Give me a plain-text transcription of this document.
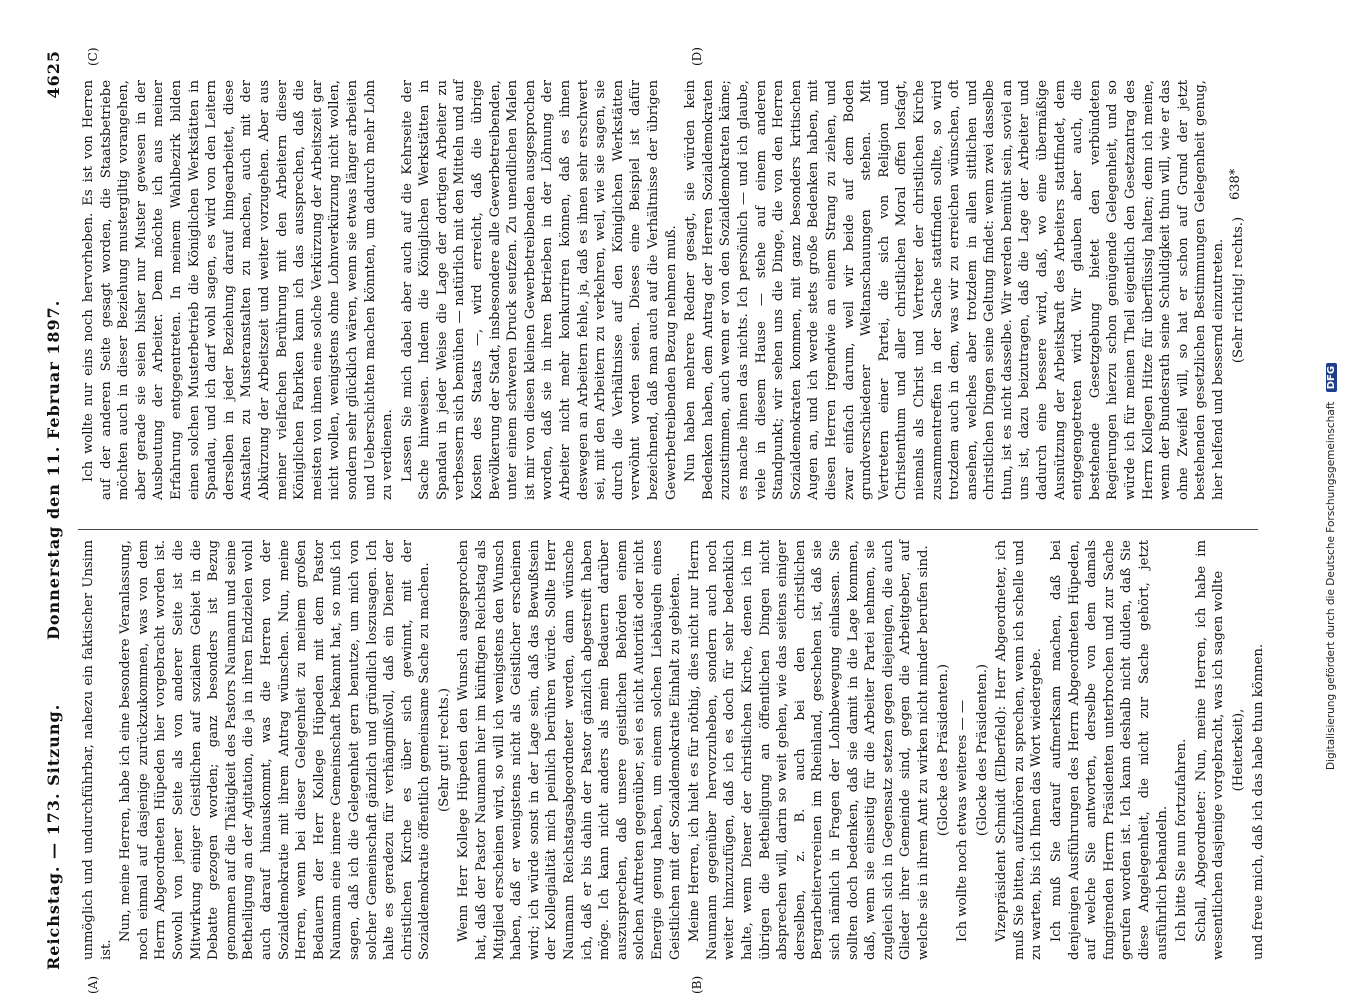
Reichstag. — 173. Sitzung.
Donnerstag den 11. Februar 1897.
4625
(A)	(B)
(C)	(D)

unmöglich und undurchführbar, nahezu ein faktischer Unsinn ist.

Nun, meine Herren, habe ich eine besondere Veranlassung, noch einmal auf dasjenige zurückzukommen, was von dem Herrn Abgeordneten Hüpeden hier vorgebracht worden ist. Sowohl von jener Seite als von anderer Seite ist die Mitwirkung einiger Geistlichen auf sozialem Gebiet in die Debatte gezogen worden; ganz besonders ist Bezug genommen auf die Thätigkeit des Pastors Naumann und seine Betheiligung an der Agitation, die ja in ihren Endzielen wohl auch darauf hinauskommt, was die Herren von der Sozialdemokratie mit ihrem Antrag wünschen. Nun, meine Herren, wenn bei dieser Gelegenheit zu meinem großen Bedauern der Herr Kollege Hüpeden mit dem Pastor Naumann eine innere Gemeinschaft bekannt hat, so muß ich sagen, daß ich die Gelegenheit gern benutze, um mich von solcher Gemeinschaft gänzlich und gründlich loszusagen. Ich halte es geradezu für verhängnißvoll, daß ein Diener der christlichen Kirche es über sich gewinnt, mit der Sozialdemokratie öffentlich gemeinsame Sache zu machen. (Sehr gut! rechts.) Wenn Herr Kollege Hüpeden den Wunsch ausgesprochen hat, daß der Pastor Naumann hier im künftigen Reichstag als Mitglied erscheinen wird, so will ich wenigstens den Wunsch haben, daß er wenigstens nicht als Geistlicher erscheinen wird; ich würde sonst in der Lage sein, daß das Bewußtsein der Kollegialität mich peinlich berühren würde. Sollte Herr Naumann Reichstagsabgeordneter werden, dann wünsche ich, daß er bis dahin der Pastor gänzlich abgestreift haben möge. Ich kann nicht anders als mein Bedauern darüber auszusprechen, daß unsere geistlichen Behörden einem solchen Auftreten gegenüber, sei es nicht Autorität oder nicht Energie genug haben, um einem solchen Liebäugeln eines Geistlichen mit der Sozialdemokratie Einhalt zu gebieten. Meine Herren, ich hielt es für nöthig, dies nicht nur Herrn Naumann gegenüber hervorzuheben, sondern auch noch weiter hinzuzufügen, daß ich es doch für sehr bedenklich halte, wenn Diener der christlichen Kirche, denen ich im übrigen die Betheiligung an öffentlichen Dingen nicht absprechen will, darin so weit gehen, wie das seitens einiger derselben, z. B. auch bei den christlichen Bergarbeitervereinen im Rheinland, geschehen ist, daß sie sich nämlich in Fragen der Lohnbewegung einlassen. Sie sollten doch bedenken, daß sie damit in die Lage kommen, daß, wenn sie einseitig für die Arbeiter Partei nehmen, sie zugleich sich in Gegensatz setzen gegen diejenigen, die auch Glieder ihrer Gemeinde sind, gegen die Arbeitgeber, auf welche sie in ihrem Amt zu wirken nicht minder berufen sind. (Glocke des Präsidenten.) Ich wollte noch etwas weiteres — — (Glocke des Präsidenten.) Vizepräsident Schmidt (Elberfeld): Herr Abgeordneter, ich muß Sie bitten, aufzuhören zu sprechen, wenn ich schelle und zu warten, bis ich Ihnen das Wort wiedergebe. Ich muß Sie darauf aufmerksam machen, daß bei denjenigen Ausführungen des Herrn Abgeordneten Hüpeden, auf welche Sie antworten, derselbe von dem damals fungirenden Herrn Präsidenten unterbrochen und zur Sache gerufen worden ist. Ich kann deshalb nicht dulden, daß Sie diese Angelegenheit, die nicht zur Sache gehört, jetzt ausführlich behandeln. Ich bitte Sie nun fortzufahren. Schall, Abgeordneter: Nun, meine Herren, ich habe im wesentlichen dasjenige vorgebracht, was ich sagen wollte (Heiterkeit), und freue mich, daß ich das habe thun können.

Ich wollte nur eins noch hervorheben. Es ist von Herren auf der anderen Seite gesagt worden, die Staatsbetriebe möchten auch in dieser Beziehung mustergiltig vorangehen, aber gerade sie seien bisher nur Muster gewesen in der Ausbeutung der Arbeiter. Dem möchte ich aus meiner Erfahrung entgegentreten. In meinem Wahlbezirk bilden einen solchen Musterbetrieb die Königlichen Werkstätten in Spandau, und ich darf wohl sagen, es wird von den Leitern derselben in jeder Beziehung darauf hingearbeitet, diese Anstalten zu Musteranstalten zu machen, auch mit der Abkürzung der Arbeitszeit und weiter vorzugehen. Aber aus meiner vielfachen Berührung mit den Arbeitern dieser Königlichen Fabriken kann ich das aussprechen, daß die meisten von ihnen eine solche Verkürzung der Arbeitszeit gar nicht wollen, wenigstens ohne Lohnverkürzung nicht wollen, sondern sehr glücklich wären, wenn sie etwas länger arbeiten und Ueberschichten machen könnten, um dadurch mehr Lohn zu verdienen. Lassen Sie mich dabei aber auch auf die Kehrseite der Sache hinweisen. Indem die Königlichen Werkstätten in Spandau in jeder Weise die Lage der dortigen Arbeiter zu verbessern sich bemühen — natürlich mit den Mitteln und auf Kosten des Staats —, wird erreicht, daß die übrige Bevölkerung der Stadt, insbesondere alle Gewerbetreibenden, unter einem schweren Druck seufzen. Zu unendlichen Malen ist mir von diesen kleinen Gewerbetreibenden ausgesprochen worden, daß sie in ihren Betrieben in der Löhnung der Arbeiter nicht mehr konkurriren können, daß es ihnen deswegen an Arbeitern fehle, ja, daß es ihnen sehr erschwert sei, mit den Arbeitern zu verkehren, weil, wie sie sagen, sie durch die Verhältnisse auf den Königlichen Werkstätten verwöhnt worden seien. Dieses eine Beispiel ist dafür bezeichnend, daß man auch auf die Verhältnisse der übrigen Gewerbetreibenden Bezug nehmen muß. Nun haben mehrere Redner gesagt, sie würden kein Bedenken haben, dem Antrag der Herren Sozialdemokraten zuzustimmen, auch wenn er von den Sozialdemokraten käme; es mache ihnen das nichts. Ich persönlich — und ich glaube, viele in diesem Hause — stehe auf einem anderen Standpunkt; wir sehen uns die Dinge, die von den Herren Sozialdemokraten kommen, mit ganz besonders kritischen Augen an, und ich werde stets große Bedenken haben, mit diesen Herren irgendwie an einem Strang zu ziehen, und zwar einfach darum, weil wir beide auf dem Boden grundverschiedener Weltanschauungen stehen. Mit Vertretern einer Partei, die sich von Religion und Christenthum und aller christlichen Moral offen losfagt, niemals als Christ und Vertreter der christlichen Kirche zusammentreffen in der Sache stattfinden sollte, so wird trotzdem auch in dem, was wir zu erreichen wünschen, oft ansehen, welches aber trotzdem in allen sittlichen und christlichen Dingen seine Geltung findet: wenn zwei dasselbe thun, ist es nicht dasselbe. Wir werden bemüht sein, soviel an uns ist, dazu beizutragen, daß die Lage der Arbeiter und dadurch eine bessere wird, daß, wo eine übermäßige Ausnützung der Arbeitskraft des Arbeiters stattfindet, dem entgegengetreten wird. Wir glauben aber auch, die bestehende Gesetzgebung bietet den verbündeten Regierungen hierzu schon genügende Gelegenheit, und so würde ich für meinen Theil eigentlich den Gesetzantrag des Herrn Kollegen Hitze für überflüssig halten; denn ich meine, wenn der Bundesrath seine Schuldigkeit thun will, wie er das ohne Zweifel will, so hat er schon auf Grund der jetzt bestehenden gesetzlichen Bestimmungen Gelegenheit genug, hier helfend und bessernd einzutreten. (Sehr richtig! rechts.)

638*
Digitalisierung gefördert durch die Deutsche Forschungsgemeinschaft DFG
